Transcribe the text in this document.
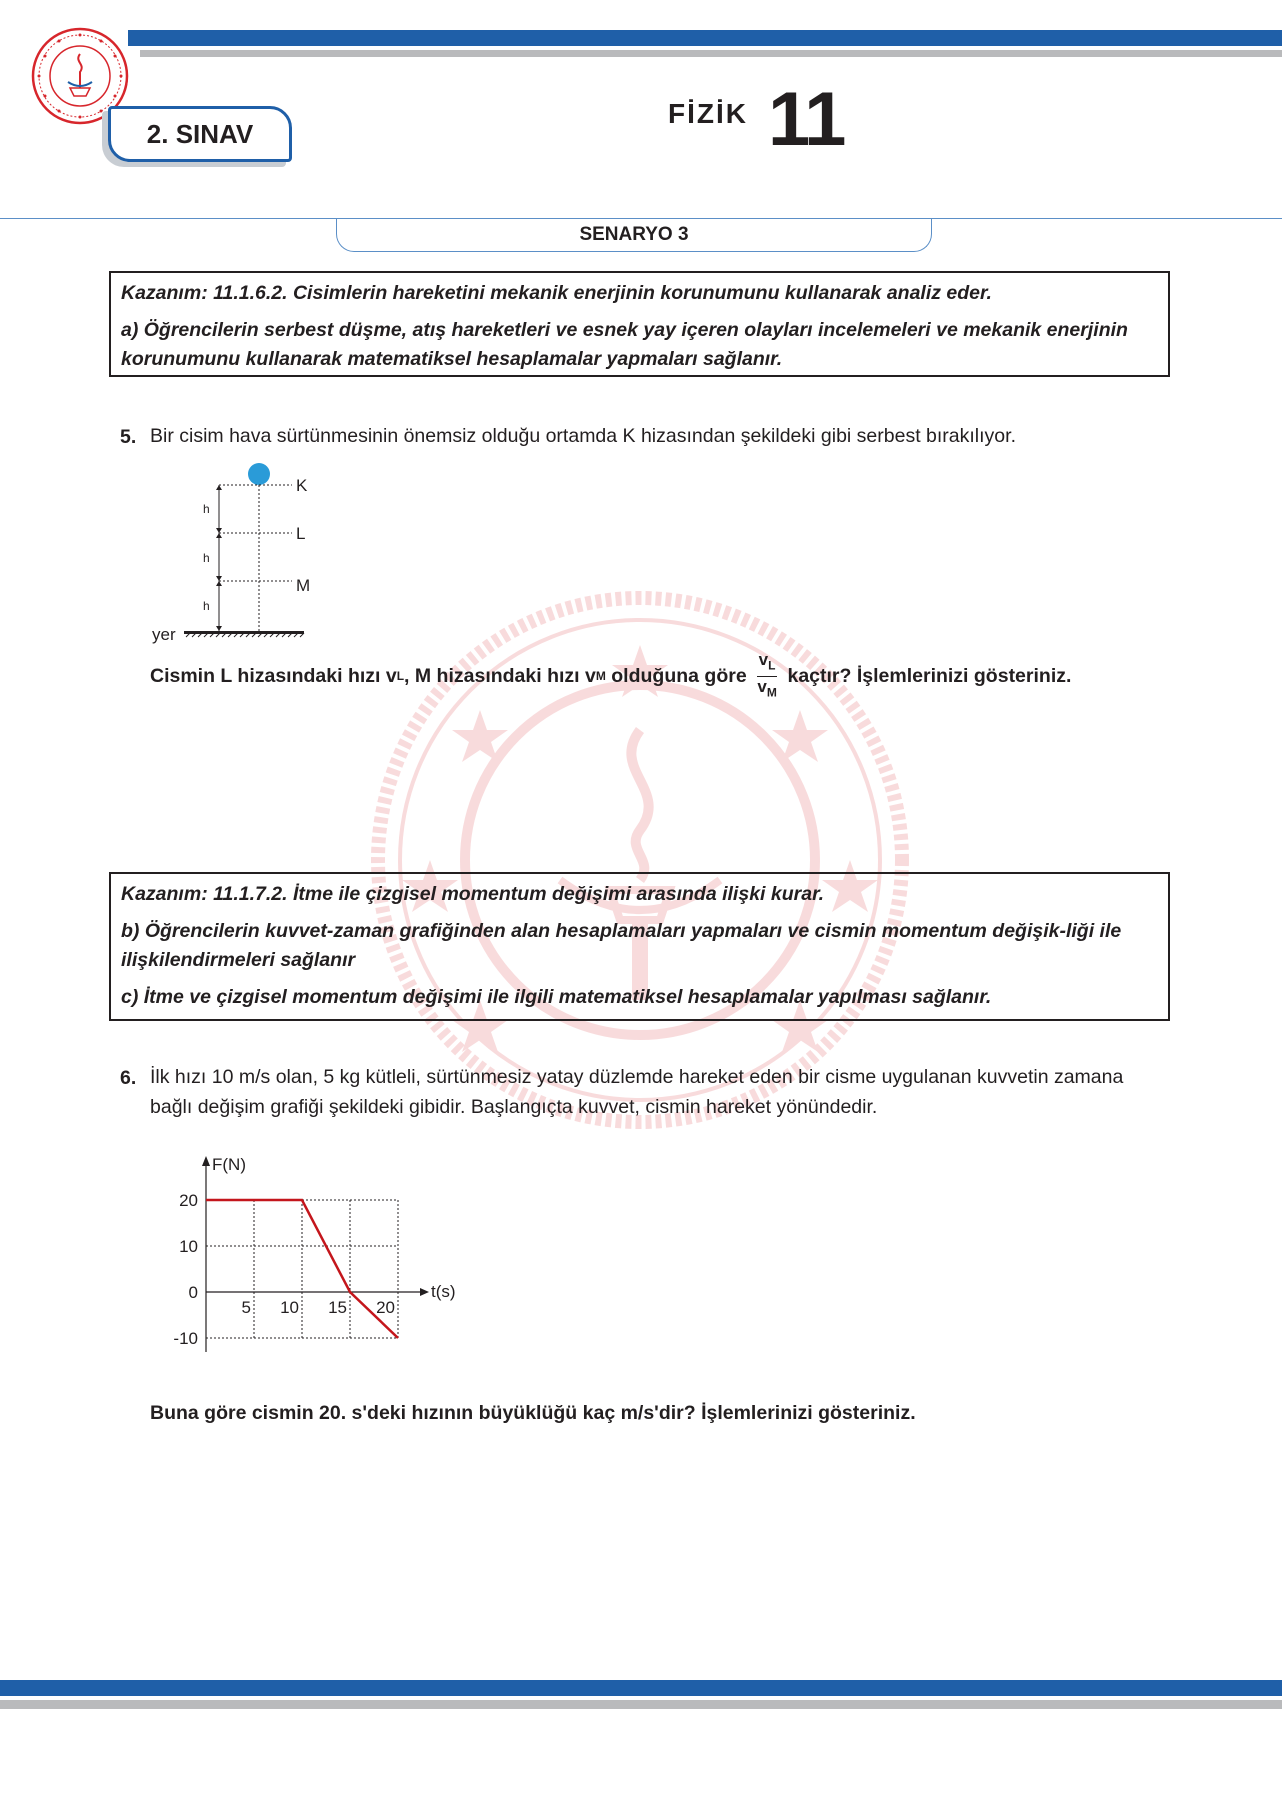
2. SINAV
FİZİK 11
SENARYO 3

Kazanım: 11.1.6.2. Cisimlerin hareketini mekanik enerjinin korunumunu kullanarak analiz eder.

a) Öğrencilerin serbest düşme, atış hareketleri ve esnek yay içeren olayları incelemeleri ve mekanik enerjinin korunumunu kullanarak matematiksel hesaplamalar yapmaları sağlanır.

5. Bir cisim hava sürtünmesinin önemsiz olduğu ortamda K hizasından şekildeki gibi serbest bırakılıyor.
K
L
M
h
h
h
yer
Cismin L hizasındaki hızı v L , M hizasındaki hızı v M olduğuna göre $\frac{v_L}{v_M}$ kaçtır? İşlemlerinizi gösteriniz.

Kazanım: 11.1.7.2. İtme ile çizgisel momentum değişimi arasında ilişki kurar.

b) Öğrencilerin kuvvet-zaman grafiğinden alan hesaplamaları yapmaları ve cismin momentum değişik-liği ile ilişkilendirmeleri sağlanır

c) İtme ve çizgisel momentum değişimi ile ilgili matematiksel hesaplamalar yapılması sağlanır.

6. İlk hızı 10 m/s olan, 5 kg kütleli, sürtünmesiz yatay düzlemde hareket eden bir cisme uygulanan kuvvetin zamana bağlı değişim grafiği şekildeki gibidir. Başlangıçta kuvvet, cismin hareket yönündedir.
F(N)
t(s)
20
10
0
-10
5 10 15 20
Buna göre cismin 20. s'deki hızının büyüklüğü kaç m/s'dir? İşlemlerinizi gösteriniz.
